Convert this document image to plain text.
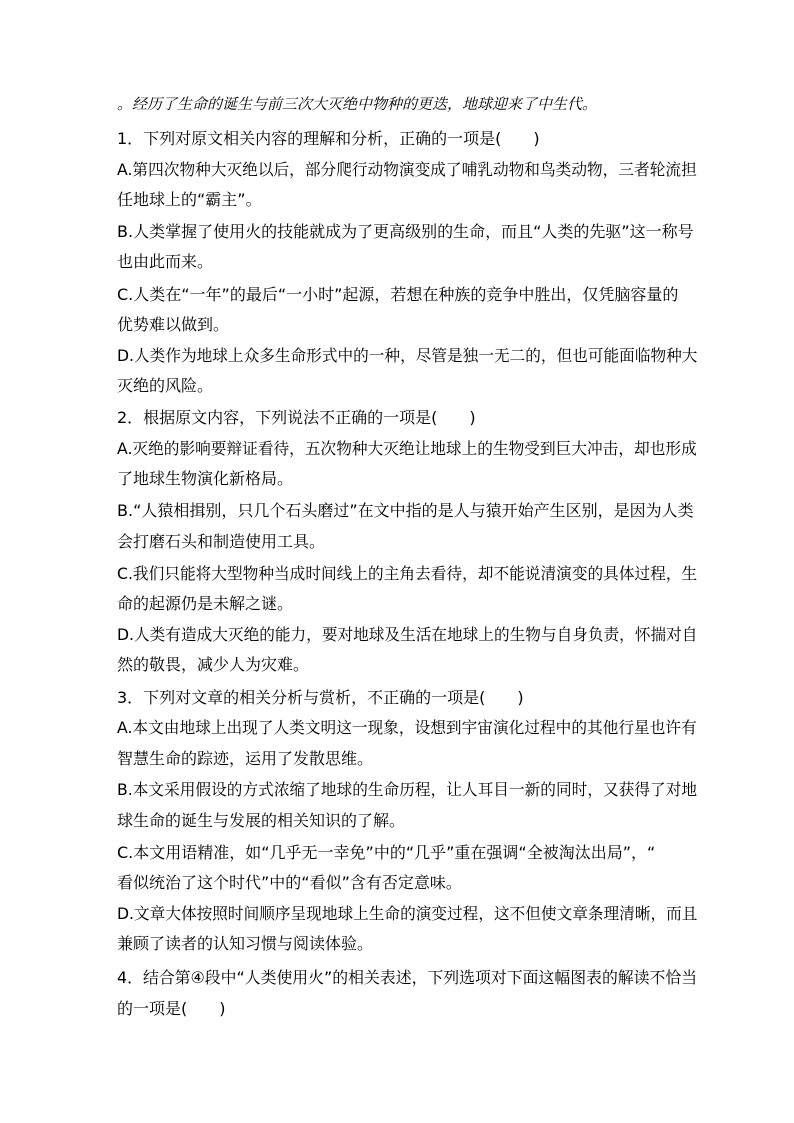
。经历了生命的诞生与前三次大灭绝中物种的更迭，地球迎来了中生代。
1．下列对原文相关内容的理解和分析，正确的一项是(　　)
A.第四次物种大灭绝以后，部分爬行动物演变成了哺乳动物和鸟类动物，三者轮流担
任地球上的“霸主”。
B.人类掌握了使用火的技能就成为了更高级别的生命，而且“人类的先驱”这一称号
也由此而来。
C.人类在“一年”的最后“一小时”起源，若想在种族的竞争中胜出，仅凭脑容量的
优势难以做到。
D.人类作为地球上众多生命形式中的一种，尽管是独一无二的，但也可能面临物种大
灭绝的风险。
2．根据原文内容，下列说法不正确的一项是(　　)
A.灭绝的影响要辩证看待，五次物种大灭绝让地球上的生物受到巨大冲击，却也形成
了地球生物演化新格局。
B.“人猿相揖别，只几个石头磨过”在文中指的是人与猿开始产生区别，是因为人类
会打磨石头和制造使用工具。
C.我们只能将大型物种当成时间线上的主角去看待，却不能说清演变的具体过程，生
命的起源仍是未解之谜。
D.人类有造成大灭绝的能力，要对地球及生活在地球上的生物与自身负责，怀揣对自
然的敬畏，减少人为灾难。
3．下列对文章的相关分析与赏析，不正确的一项是(　　)
A.本文由地球上出现了人类文明这一现象，设想到宇宙演化过程中的其他行星也许有
智慧生命的踪迹，运用了发散思维。
B.本文采用假设的方式浓缩了地球的生命历程，让人耳目一新的同时，又获得了对地
球生命的诞生与发展的相关知识的了解。
C.本文用语精准，如“几乎无一幸免”中的“几乎”重在强调“全被淘汰出局”，“
看似统治了这个时代”中的“看似”含有否定意味。
D.文章大体按照时间顺序呈现地球上生命的演变过程，这不但使文章条理清晰，而且
兼顾了读者的认知习惯与阅读体验。
4．结合第④段中“人类使用火”的相关表述，下列选项对下面这幅图表的解读不恰当
的一项是(　　)
